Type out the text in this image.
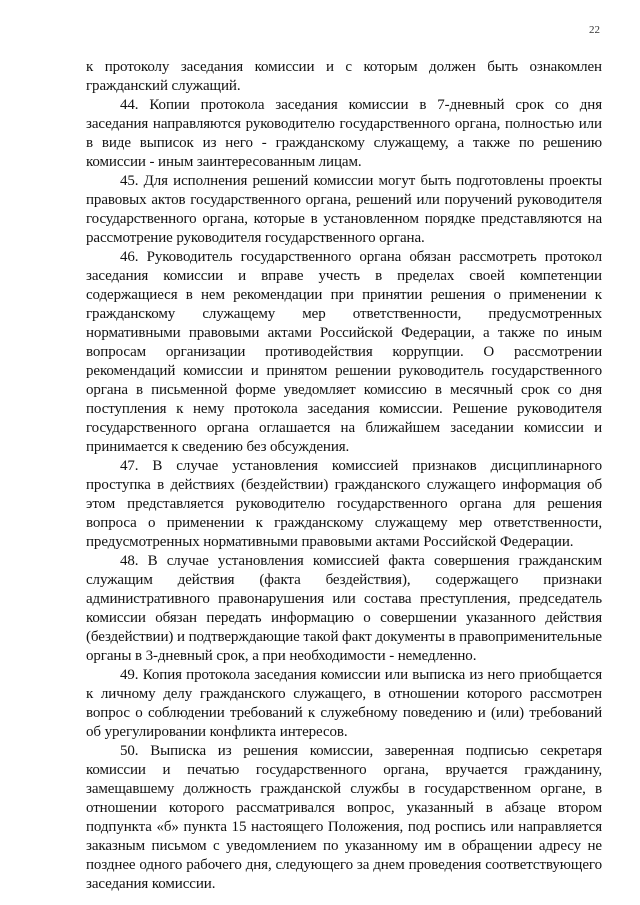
22

к протоколу заседания комиссии и с которым должен быть ознакомлен гражданский служащий.

44. Копии протокола заседания комиссии в 7-дневный срок со дня заседания направляются руководителю государственного органа, полностью или в виде выписок из него - гражданскому служащему, а также по решению комиссии - иным заинтересованным лицам.

45. Для исполнения решений комиссии могут быть подготовлены проекты правовых актов государственного органа, решений или поручений руководителя государственного органа, которые в установленном порядке представляются на рассмотрение руководителя государственного органа.

46. Руководитель государственного органа обязан рассмотреть протокол заседания комиссии и вправе учесть в пределах своей компетенции содержащиеся в нем рекомендации при принятии решения о применении к гражданскому служащему мер ответственности, предусмотренных нормативными правовыми актами Российской Федерации, а также по иным вопросам организации противодействия коррупции. О рассмотрении рекомендаций комиссии и принятом решении руководитель государственного органа в письменной форме уведомляет комиссию в месячный срок со дня поступления к нему протокола заседания комиссии. Решение руководителя государственного органа оглашается на ближайшем заседании комиссии и принимается к сведению без обсуждения.

47. В случае установления комиссией признаков дисциплинарного проступка в действиях (бездействии) гражданского служащего информация об этом представляется руководителю государственного органа для решения вопроса о применении к гражданскому служащему мер ответственности, предусмотренных нормативными правовыми актами Российской Федерации.

48. В случае установления комиссией факта совершения гражданским служащим действия (факта бездействия), содержащего признаки административного правонарушения или состава преступления, председатель комиссии обязан передать информацию о совершении указанного действия (бездействии) и подтверждающие такой факт документы в правоприменительные органы в 3-дневный срок, а при необходимости - немедленно.

49. Копия протокола заседания комиссии или выписка из него приобщается к личному делу гражданского служащего, в отношении которого рассмотрен вопрос о соблюдении требований к служебному поведению и (или) требований об урегулировании конфликта интересов.

50. Выписка из решения комиссии, заверенная подписью секретаря комиссии и печатью государственного органа, вручается гражданину, замещавшему должность гражданской службы в государственном органе, в отношении которого рассматривался вопрос, указанный в абзаце втором подпункта «б» пункта 15 настоящего Положения, под роспись или направляется заказным письмом с уведомлением по указанному им в обращении адресу не позднее одного рабочего дня, следующего за днем проведения соответствующего заседания комиссии.
